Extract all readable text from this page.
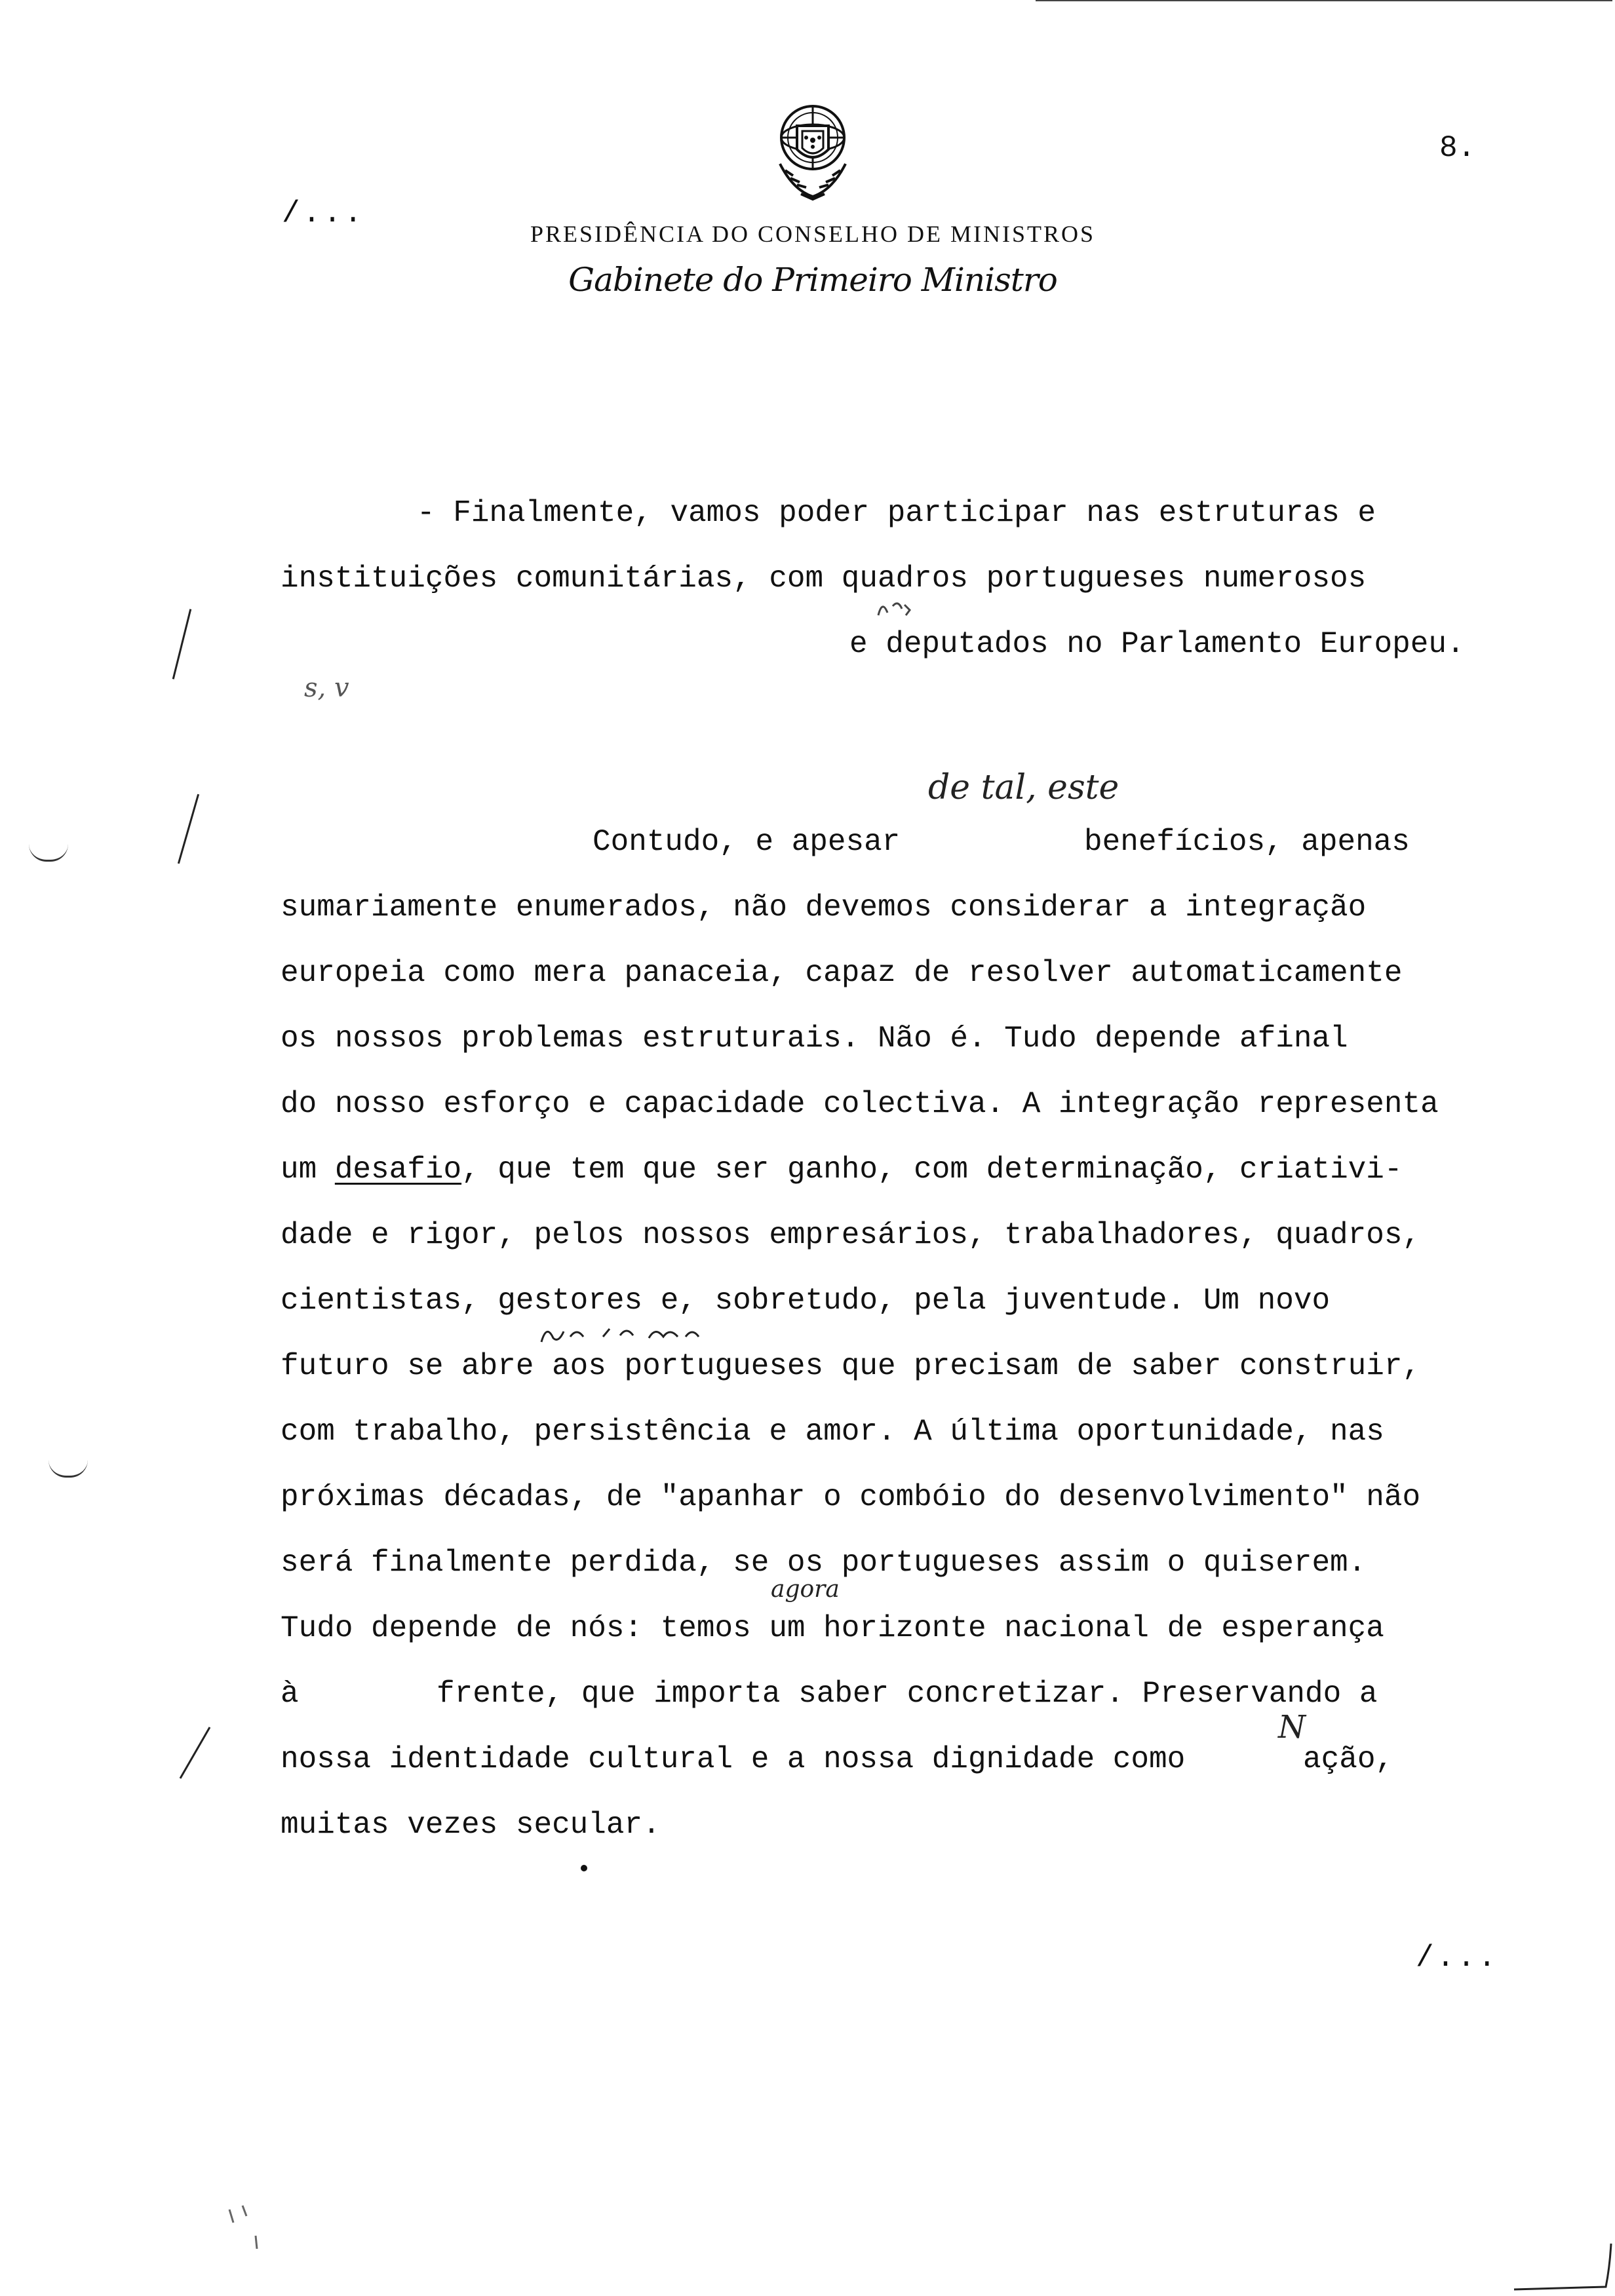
PRESIDÊNCIA DO CONSELHO DE MINISTROS
Gabinete do Primeiro Ministro
8.
/...
- Finalmente, vamos poder participar nas estruturas e
instituições comunitárias, com quadros portugueses numerosos
e deputados no Parlamento Europeu.
Contudo, e apesar	benefícios, apenas
sumariamente enumerados, não devemos considerar a integração
europeia como mera panaceia, capaz de resolver automaticamente
os nossos problemas estruturais. Não é. Tudo depende afinal
do nosso esforço e capacidade colectiva. A integração representa
um desafio, que tem que ser ganho, com determinação, criativi-
dade e rigor, pelos nossos empresários, trabalhadores, quadros,
cientistas, gestores e, sobretudo, pela juventude. Um novo
futuro se abre aos portugueses que precisam de saber construir,
com trabalho, persistência e amor. A última oportunidade, nas
próximas décadas, de "apanhar o combóio do desenvolvimento" não
será finalmente perdida, se os portugueses assim o quiserem.
Tudo depende de nós: temos um horizonte nacional de esperança
à	frente, que importa saber concretizar. Preservando a
nossa identidade cultural e a nossa dignidade como	ação,
muitas vezes secular.
/...
de tal, este
agora
N
s, v
